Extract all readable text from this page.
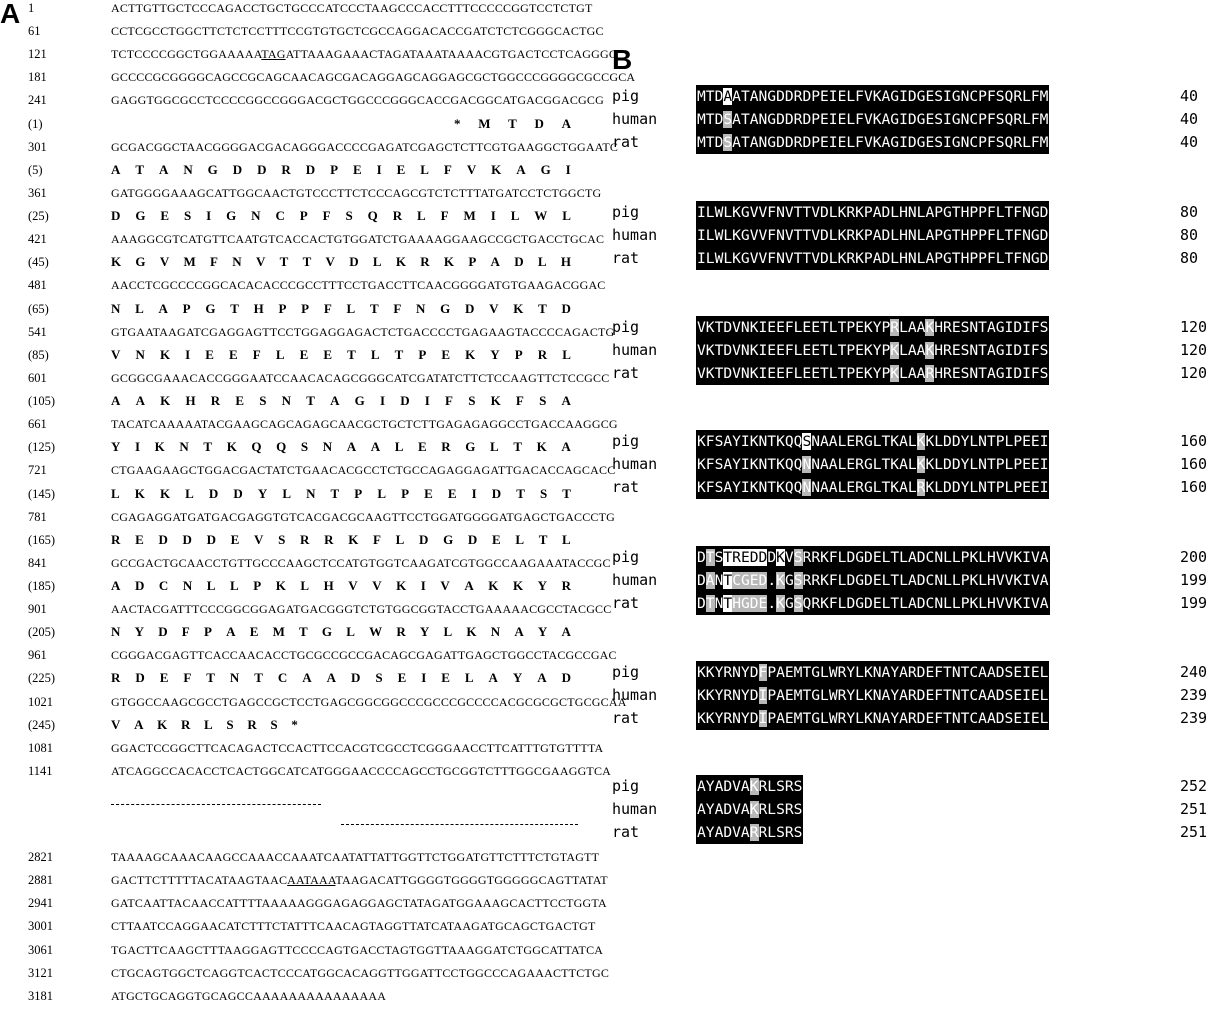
A
B
1	ACTTGTTGCTCCCAGACCTGCTGCCCATCCCTAAGCCCACCTTTCCCCCGGTCCTCTGT
61	CCTCGCCTGGCTTCTCTCCTTTCCGTGTGCTCGCCAGGACACCGATCTCTCGGGCACTGC
121	TCTCCCCGGCTGGAAAAATAGATTAAAGAAACTAGATAAATAAAACGTGACTCCTCAGGGG
181	GCCCCGCGGGGCAGCCGCAGCAACAGCGACAGGAGCAGGAGCGCTGGCCCGGGGCGCCGCA
241	GAGGTGGCGCCTCCCCGGCCGGGACGCTGGCCCGGGCACCGACGGCATGACGGACGCG
(1)	* M T D A
301	GCGACGGCTAACGGGGACGACAGGGACCCCGAGATCGAGCTCTTCGTGAAGGCTGGAATC
(5)	A T A N G D D R D P E I E L F V K A G I
361	GATGGGGAAAGCATTGGCAACTGTCCCTTCTCCCAGCGTCTCTTTATGATCCTCTGGCTG
(25)	D G E S I G N C P F S Q R L F M I L W L
421	AAAGGCGTCATGTTCAATGTCACCACTGTGGATCTGAAAAGGAAGCCGCTGACCTGCAC
(45)	K G V M F N V T T V D L K R K P A D L H
481	AACCTCGCCCCGGCACACACCCGCCTTTCCTGACCTTCAACGGGGATGTGAAGACGGAC
(65)	N L A P G T H P P F L T F N G D V K T D
541	GTGAATAAGATCGAGGAGTTCCTGGAGGAGACTCTGACCCCTGAGAAGTACCCCAGACTG
(85)	V N K I E E F L E E T L T P E K Y P R L
601	GCGGCGAAACACCGGGAATCCAACACAGCGGGCATCGATATCTTCTCCAAGTTCTCCGCC
(105)	A A K H R E S N T A G I D I F S K F S A
661	TACATCAAAAATACGAAGCAGCAGAGCAACGCTGCTCTTGAGAGAGGCCTGACCAAGGCG
(125)	Y I K N T K Q Q S N A A L E R G L T K A
721	CTGAAGAAGCTGGACGACTATCTGAACACGCCTCTGCCAGAGGAGATTGACACCAGCACC
(145)	L K K L D D Y L N T P L P E E I D T S T
781	CGAGAGGATGATGACGAGGTGTCACGACGCAAGTTCCTGGATGGGGATGAGCTGACCCTG
(165)	R E D D D E V S R R K F L D G D E L T L
841	GCCGACTGCAACCTGTTGCCCAAGCTCCATGTGGTCAAGATCGTGGCCAAGAAATACCGC
(185)	A D C N L L P K L H V V K I V A K K Y R
901	AACTACGATTTCCCGGCGGAGATGACGGGTCTGTGGCGGTACCTGAAAAACGCCTACGCC
(205)	N Y D F P A E M T G L W R Y L K N A Y A
961	CGGGACGAGTTCACCAACACCTGCGCCGCCGACAGCGAGATTGAGCTGGCCTACGCCGAC
(225)	R D E F T N T C A A D S E I E L A Y A D
1021	GTGGCCAAGCGCCTGAGCCGCTCCTGAGCGGCGGCCCGCCCGCCCCACGCGCGCTGCGCAA
(245)	V A K R L S R S *
1081	GGACTCCGGCTTCACAGACTCCACTTCCACGTCGCCTCGGGAACCTTCATTTGTGTTTTA
1141	ATCAGGCCACACCTCACTGGCATCATGGGAACCCCAGCCTGCGGTCTTTGGCGAAGGTCA
2821	TAAAAGCAAACAAGCCAAACCAAATCAATATTATTGGTTCTGGATGTTCTTTCTGTAGTT
2881	GACTTCTTTTTACATAAGTAACAATAAATAAGACATTGGGGTGGGGTGGGGGCAGTTATAT
2941	GATCAATTACAACCATTTTAAAAAGGGAGAGGAGCTATAGATGGAAAGCACTTCCTGGTA
3001	CTTAATCCAGGAACATCTTTCTATTTCAACAGTAGGTTATCATAAGATGCAGCTGACTGT
3061	TGACTTCAAGCTTTAAGGAGTTCCCCAGTGACCTAGTGGTTAAAGGATCTGGCATTATCA
3121	CTGCAGTGGCTCAGGTCACTCCCATGGCACAGGTTGGATTCCTGGCCCAGAAACTTCTGC
3181	ATGCTGCAGGTGCAGCCAAAAAAAAAAAAAAA
pig	MTDAATANGDDRDPEIELFVKAGIDGESIGNCPFSQRLFM	40
human	MTDSATANGDDRDPEIELFVKAGIDGESIGNCPFSQRLFM	40
rat	MTDSATANGDDRDPEIELFVKAGIDGESIGNCPFSQRLFM	40
pig	ILWLKGVVFNVTTVDLKRKPADLHNLAPGTHPPFLTFNGD	80
human	ILWLKGVVFNVTTVDLKRKPADLHNLAPGTHPPFLTFNGD	80
rat	ILWLKGVVFNVTTVDLKRKPADLHNLAPGTHPPFLTFNGD	80
pig	VKTDVNKIEEFLEETLTPEKYPRLAAKHRESNTAGIDIFS	120
human	VKTDVNKIEEFLEETLTPEKYPKLAAKHRESNTAGIDIFS	120
rat	VKTDVNKIEEFLEETLTPEKYPKLAARHRESNTAGIDIFS	120
pig	KFSAYIKNTKQQSNAALERGLTKALKKLDDYLNTPLPEEI	160
human	KFSAYIKNTKQQNNAALERGLTKALKKLDDYLNTPLPEEI	160
rat	KFSAYIKNTKQQNNAALERGLTKALRKLDDYLNTPLPEEI	160
pig	DTSTREDDDKVSRRKFLDGDELTLADCNLLPKLHVVKIVA	200
human	DANTCGED.KGSRRKFLDGDELTLADCNLLPKLHVVKIVA	199
rat	DTNTHGDE.KGSQRKFLDGDELTLADCNLLPKLHVVKIVA	199
pig	KKYRNYDFPAEMTGLWRYLKNAYARDEFTNTCAADSEIEL	240
human	KKYRNYDIPAEMTGLWRYLKNAYARDEFTNTCAADSEIEL	239
rat	KKYRNYDIPAEMTGLWRYLKNAYARDEFTNTCAADSEIEL	239
pig	AYADVAKRLSRS	252
human	AYADVAKRLSRS	251
rat	AYADVARRLSRS	251
